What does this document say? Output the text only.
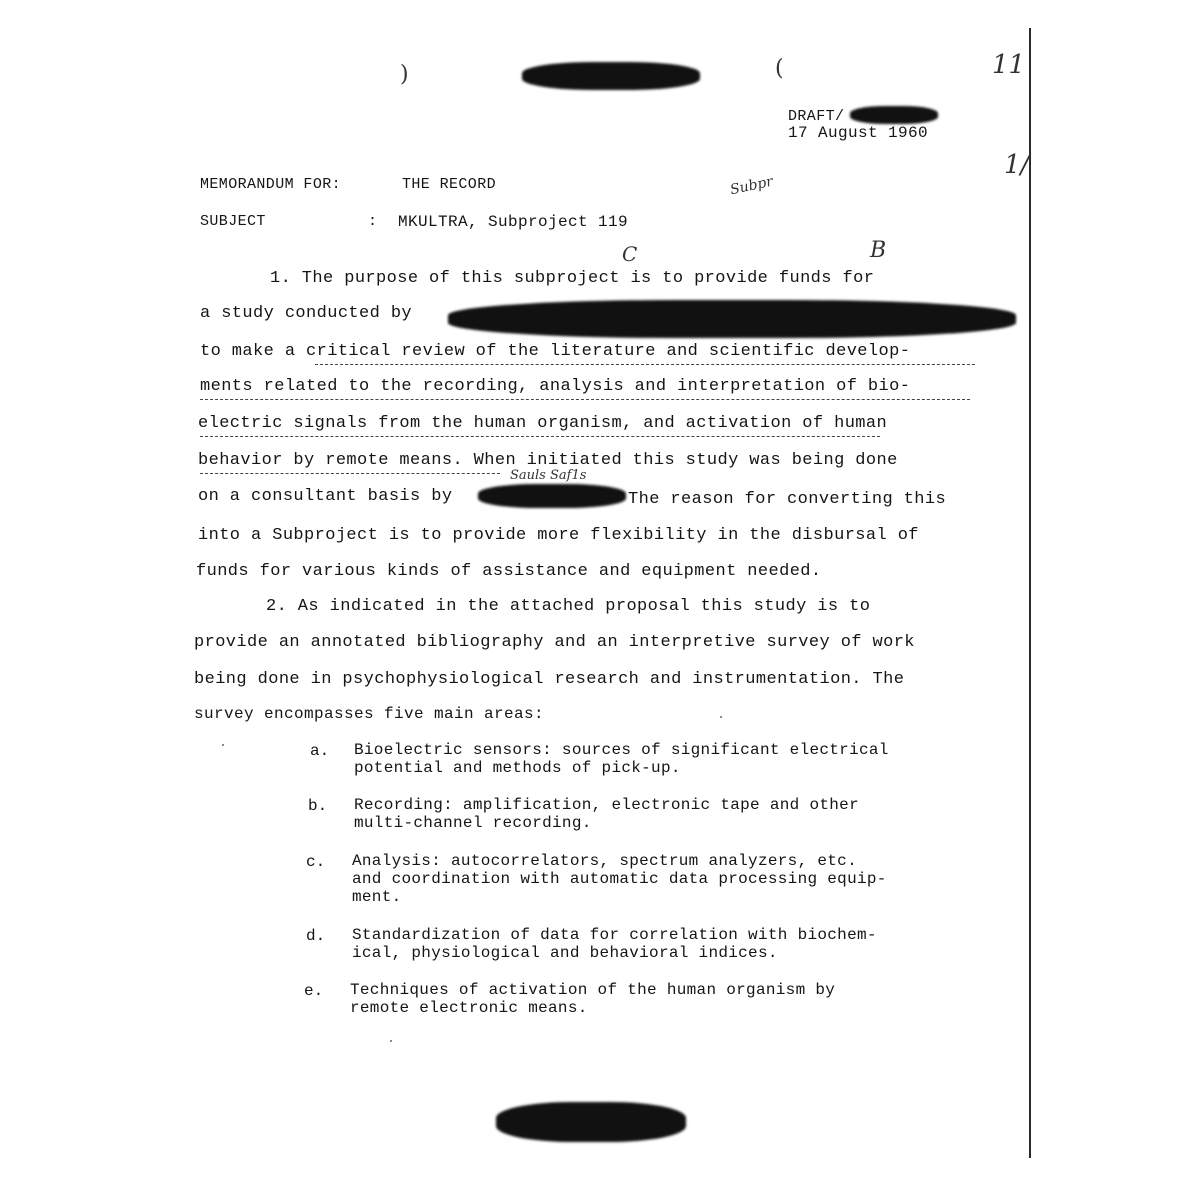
)	(	11
1/
DRAFT/
17 August 1960
MEMORANDUM FOR:	THE RECORD	Subpr
SUBJECT	: MKULTRA, Subproject 119
C	B
1. The purpose of this subproject is to provide funds for
a study conducted by
to make a critical review of the literature and scientific develop-
ments related to the recording, analysis and interpretation of bio-
electric signals from the human organism, and activation of human
behavior by remote means. When initiated this study was being done
Sauls Saf1s
on a consultant basis by	The reason for converting this
into a Subproject is to provide more flexibility in the disbursal of
funds for various kinds of assistance and equipment needed.
2. As indicated in the attached proposal this study is to
provide an annotated bibliography and an interpretive survey of work
being done in psychophysiological research and instrumentation. The
survey encompasses five main areas:
a. Bioelectric sensors: sources of significant electrical
potential and methods of pick-up.
b. Recording: amplification, electronic tape and other
multi-channel recording.
c. Analysis: autocorrelators, spectrum analyzers, etc.
and coordination with automatic data processing equip-
ment.
d. Standardization of data for correlation with biochem-
ical, physiological and behavioral indices.
e. Techniques of activation of the human organism by
remote electronic means.
